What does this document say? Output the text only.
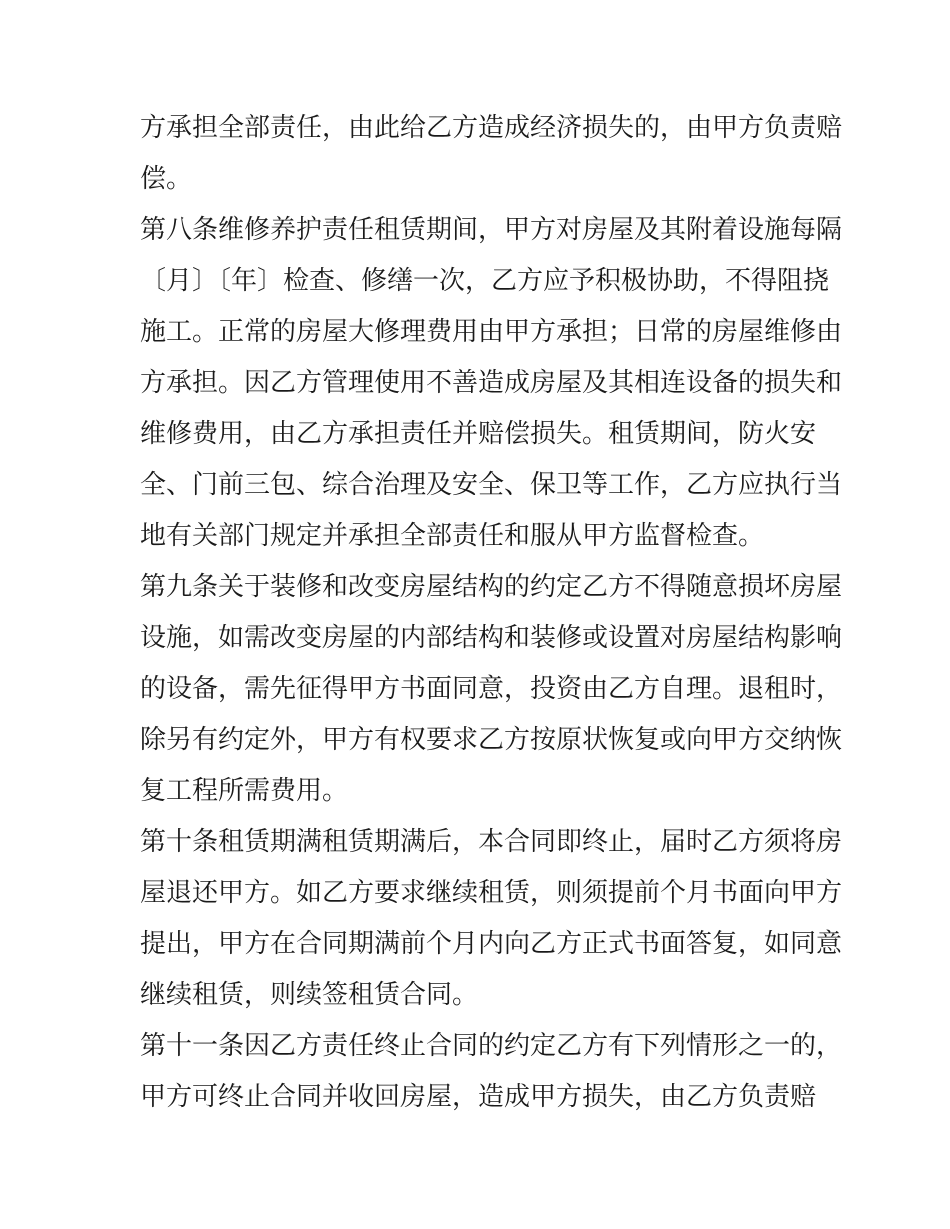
方承担全部责任，由此给乙方造成经济损失的，由甲方负责赔
偿。
第八条维修养护责任租赁期间，甲方对房屋及其附着设施每隔
〔月〕〔年〕检查、修缮一次，乙方应予积极协助，不得阻挠
施工。正常的房屋大修理费用由甲方承担；日常的房屋维修由
方承担。因乙方管理使用不善造成房屋及其相连设备的损失和
维修费用，由乙方承担责任并赔偿损失。租赁期间，防火安
全、门前三包、综合治理及安全、保卫等工作，乙方应执行当
地有关部门规定并承担全部责任和服从甲方监督检查。
第九条关于装修和改变房屋结构的约定乙方不得随意损坏房屋
设施，如需改变房屋的内部结构和装修或设置对房屋结构影响
的设备，需先征得甲方书面同意，投资由乙方自理。退租时，
除另有约定外，甲方有权要求乙方按原状恢复或向甲方交纳恢
复工程所需费用。
第十条租赁期满租赁期满后，本合同即终止，届时乙方须将房
屋退还甲方。如乙方要求继续租赁，则须提前个月书面向甲方
提出，甲方在合同期满前个月内向乙方正式书面答复，如同意
继续租赁，则续签租赁合同。
第十一条因乙方责任终止合同的约定乙方有下列情形之一的，
甲方可终止合同并收回房屋，造成甲方损失，由乙方负责赔
